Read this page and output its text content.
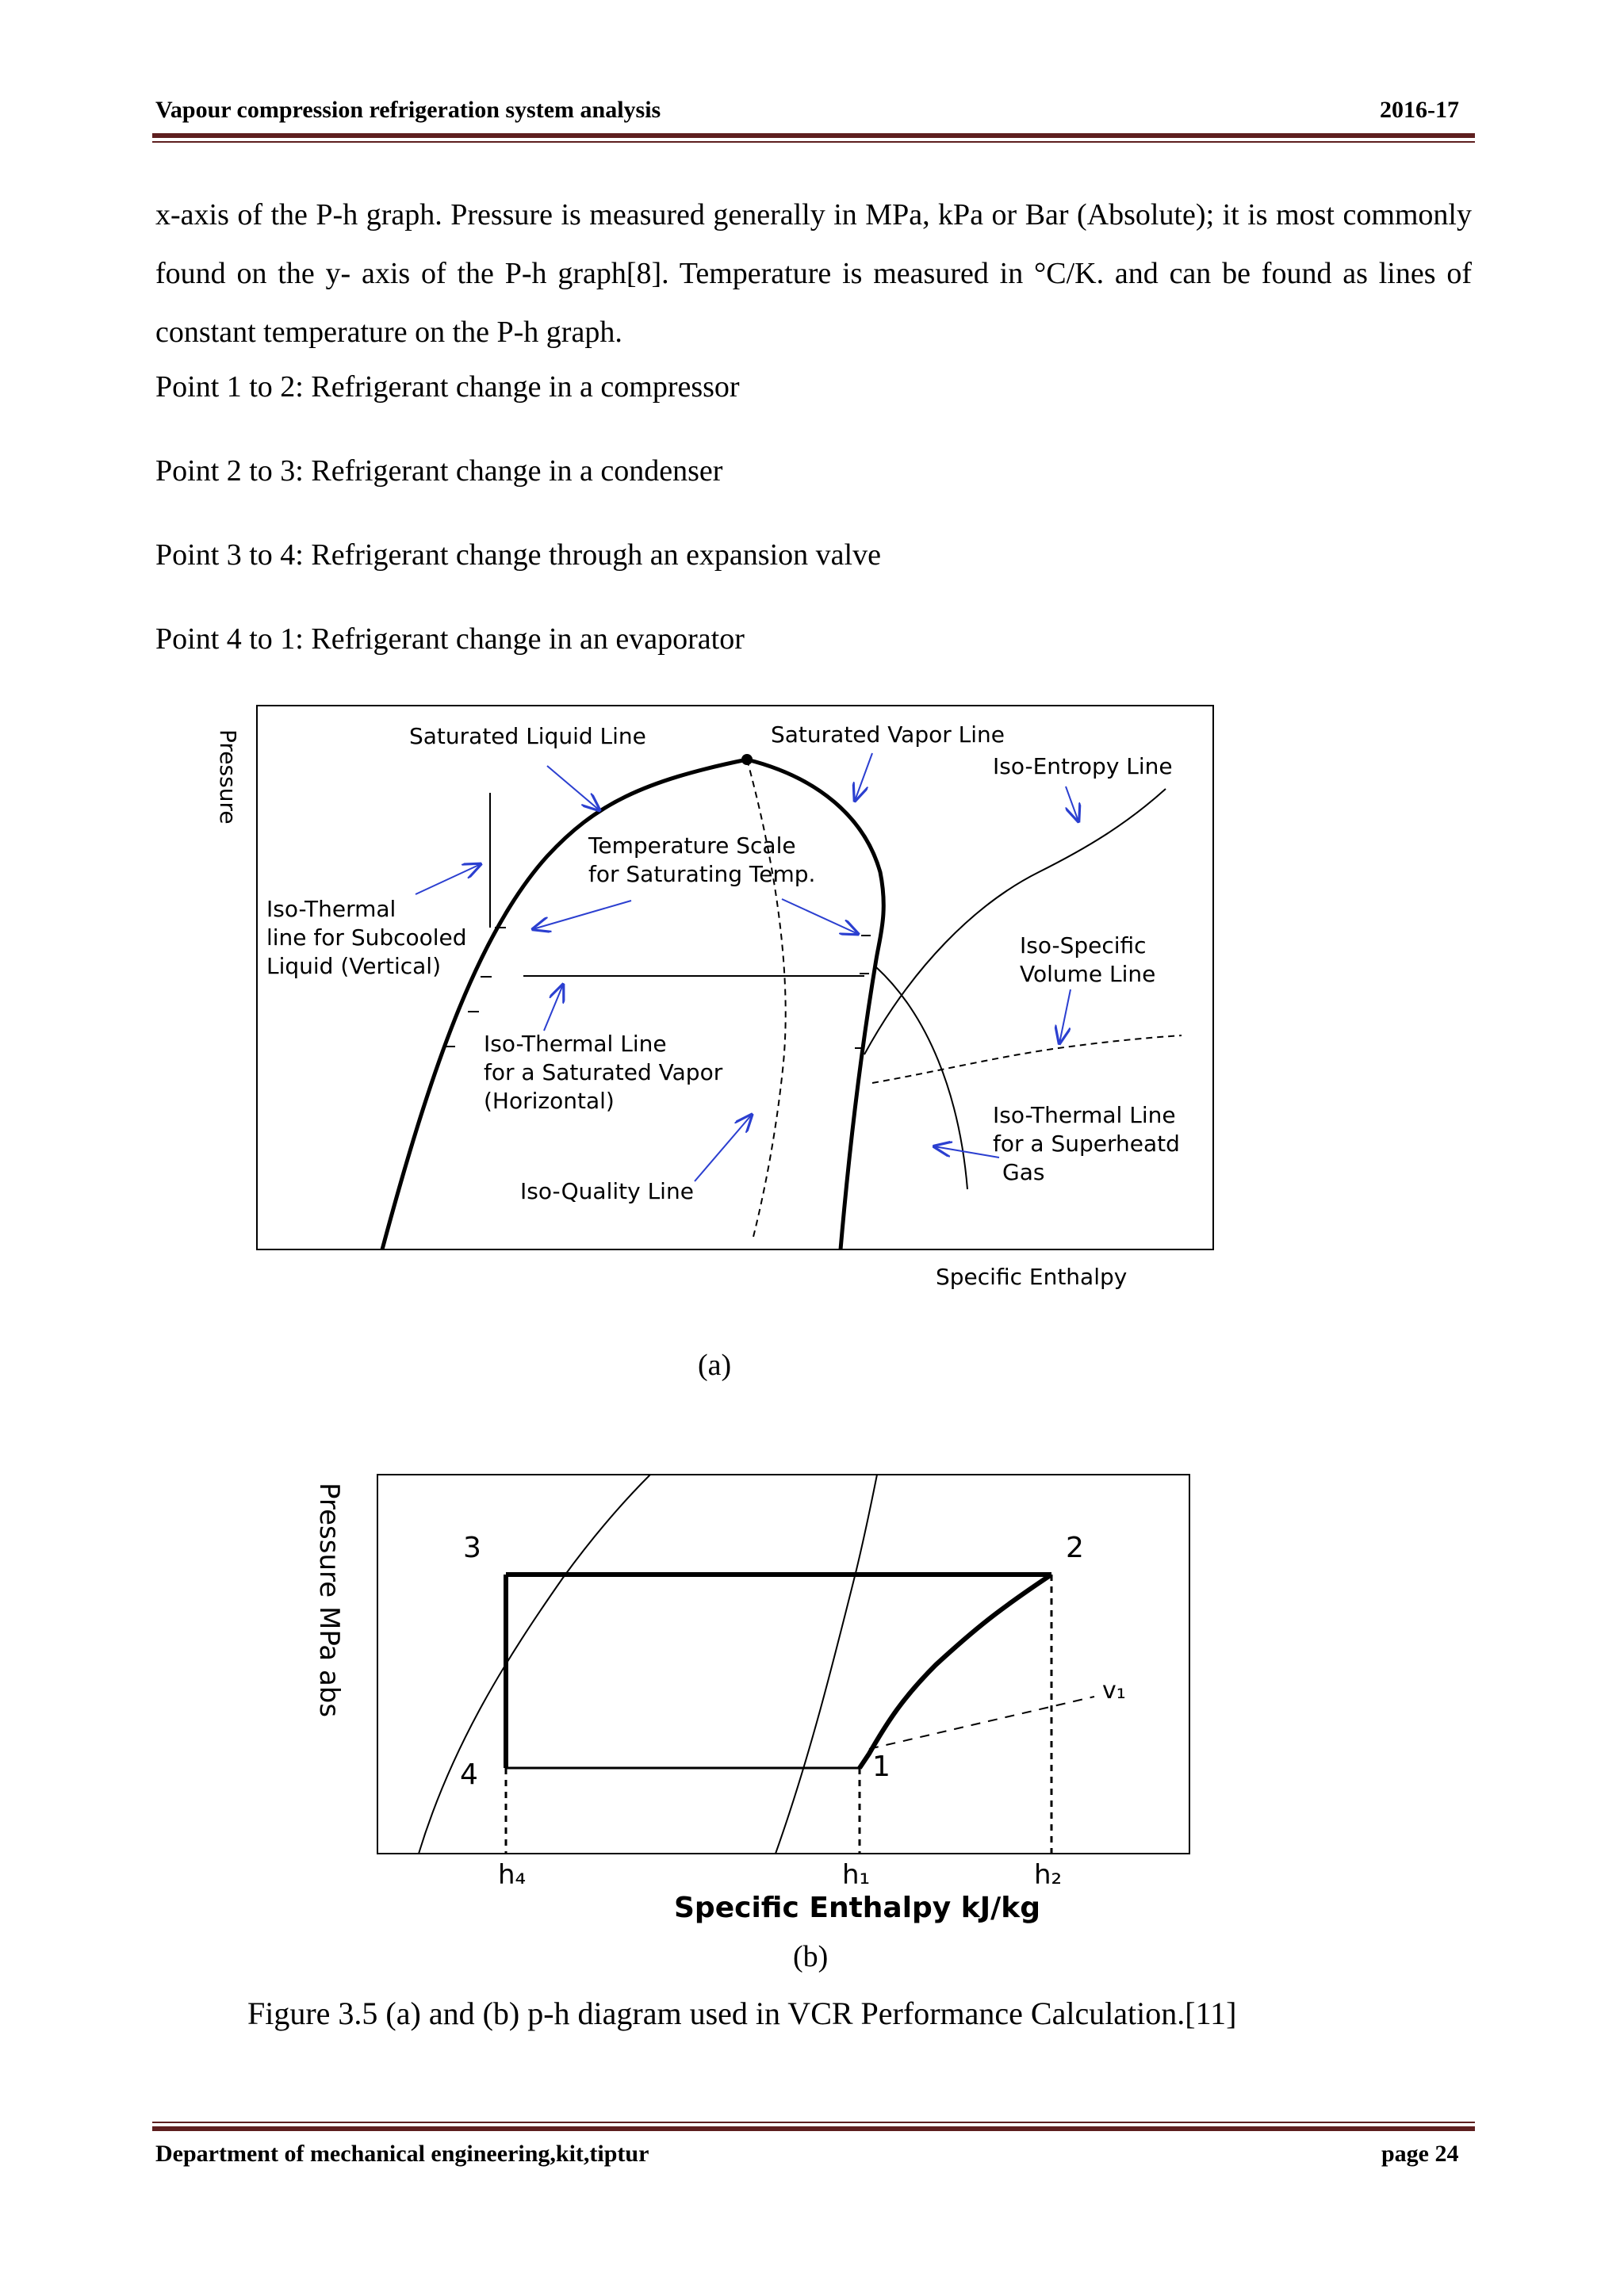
Vapour compression refrigeration system analysis	2016-17
x-axis of the P-h graph. Pressure is measured generally in MPa, kPa or Bar (Absolute); it is most commonly found on the y- axis of the P-h graph[8]. Temperature is measured in °C/K. and can be found as lines of constant temperature on the P-h graph.
Point 1 to 2: Refrigerant change in a compressor
Point 2 to 3: Refrigerant change in a condenser
Point 3 to 4: Refrigerant change through an expansion valve
Point 4 to 1: Refrigerant change in an evaporator
Pressure	Saturated Liquid Line	Saturated Vapor Line
Iso-Entropy Line
Temperature Scale
for Saturating Temp.
Iso-Thermal
line for Subcooled
Liquid (Vertical)
Iso-Specific
Volume Line
Iso-Thermal Line
for a Saturated Vapor
(Horizontal)
Iso-Thermal Line
for a Superheatd
Gas
Iso-Quality Line
Specific Enthalpy
(a)
Pressure MPa abs	3	2
4	1
v₁
h₄	h₁	h₂
Specific Enthalpy kJ/kg
(b)
Figure 3.5 (a) and (b) p-h diagram used in VCR Performance Calculation.[11]
Department of mechanical engineering,kit,tiptur	page 24
